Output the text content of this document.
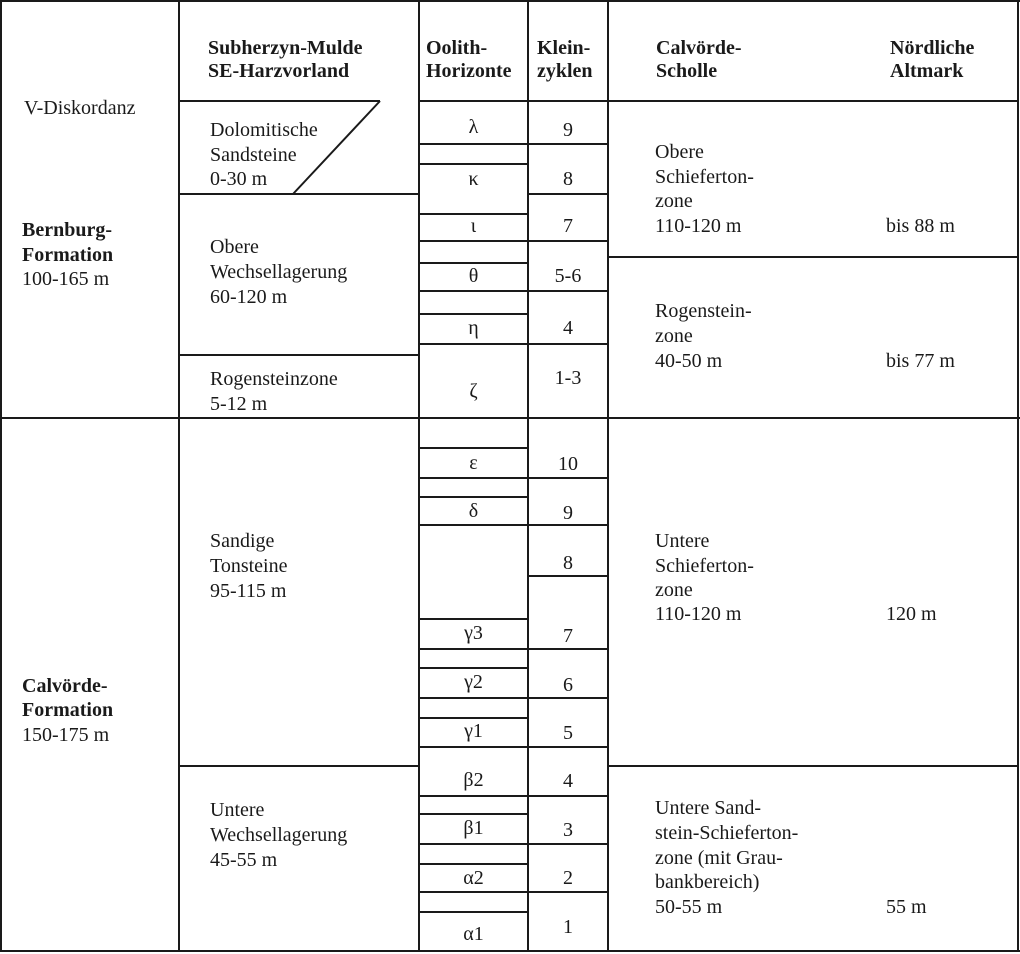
Subherzyn-Mulde
SE-Harzvorland
Oolith-
Horizonte
Klein-
zyklen
Calvörde-
Scholle
Nördliche
Altmark
V-Diskordanz
Bernburg-
Formation
100-165 m
Calvörde-
Formation
150-175 m
Dolomitische
Sandsteine
0-30 m
Obere
Wechsellagerung
60-120 m
Rogensteinzone
5-12 m
Sandige
Tonsteine
95-115 m
Untere
Wechsellagerung
45-55 m
λ
κ
ι
θ
η
ζ
ε
δ
γ3
γ2
γ1
β2
β1
α2
α1
9
8
7
5-6
4
1-3
10
9
8
7
6
5
4
3
2
1
Obere
Schieferton-
zone
110-120 m
Rogenstein-
zone
40-50 m
Untere
Schieferton-
zone
110-120 m
Untere Sand-
stein-Schieferton-
zone (mit Grau-
bankbereich)
50-55 m
bis 88 m
bis 77 m
120 m
55 m
